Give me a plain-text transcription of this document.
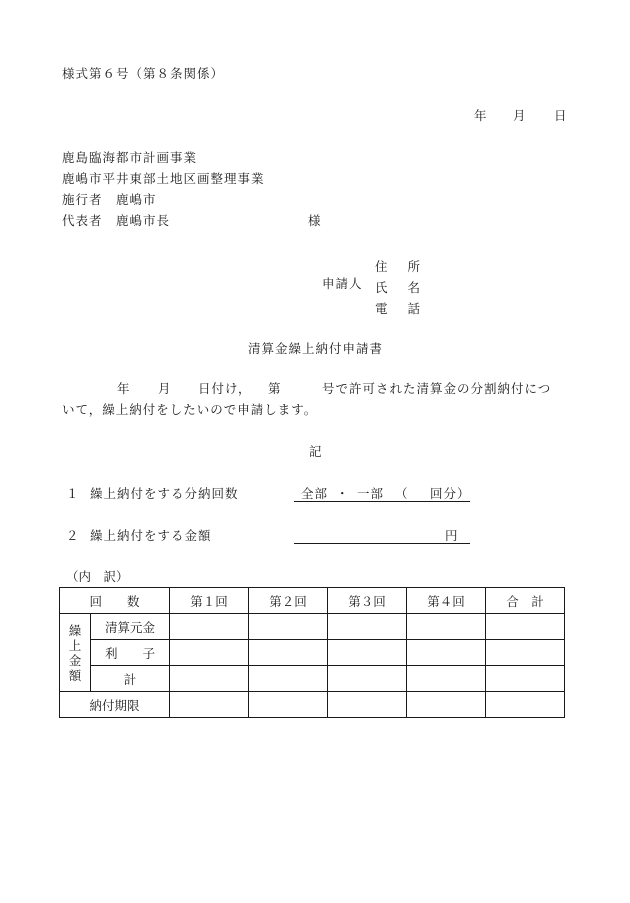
様式第６号（第８条関係）
年 月 日
鹿島臨海都市計画事業
鹿嶋市平井東部土地区画整理事業
施行者 鹿嶋市
代表者 鹿嶋市長	様
住 所
申請人 氏 名
電 話
清算金繰上納付申請書
年 月 日付け， 第	号で許可された清算金の分割納付につ
いて，繰上納付をしたいので申請します。
記
１ 繰上納付をする分納回数	全部 ・ 一部 （ 回分）
２ 繰上納付をする金額	円
（内　訳）
回　　数		第１回	第２回	第３回	第４回	合　計

繰
上
金
額	清算元金					
	利　　子					
	計					
納付期限						
